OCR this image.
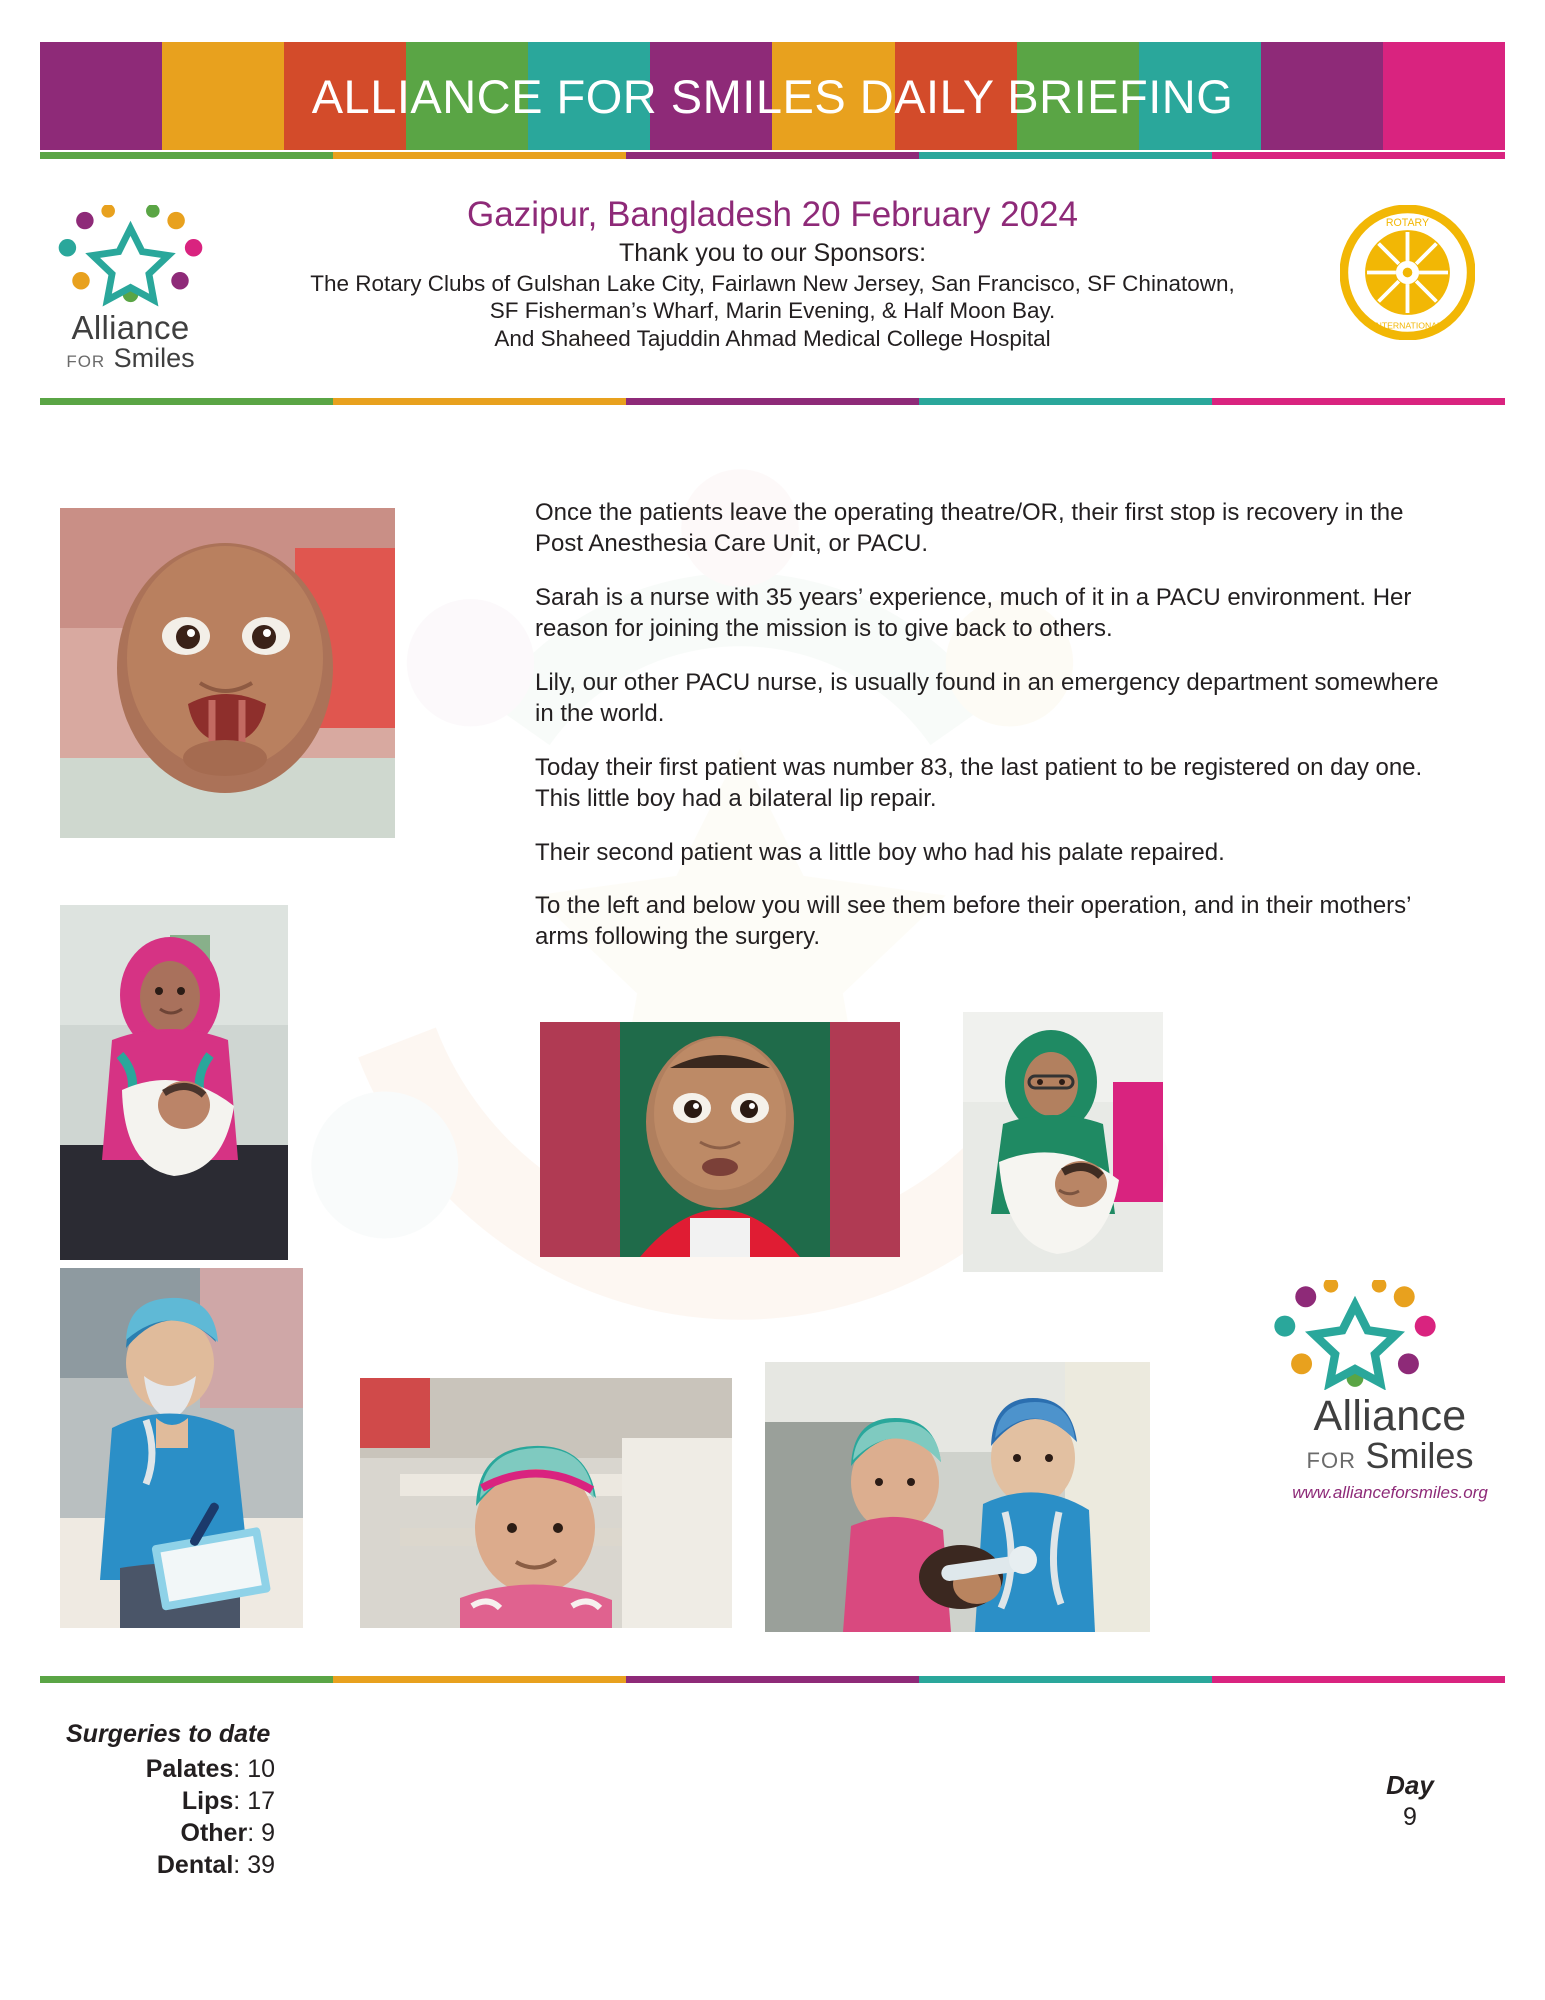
ALLIANCE FOR SMILES DAILY BRIEFING
Alliance
FOR Smiles
ROTARY
INTERNATIONAL
Gazipur, Bangladesh 20 February 2024
Thank you to our Sponsors:
The Rotary Clubs of Gulshan Lake City, Fairlawn New Jersey, San Francisco, SF Chinatown,
SF Fisherman’s Wharf, Marin Evening, & Half Moon Bay.
And Shaheed Tajuddin Ahmad Medical College Hospital

Once the patients leave the operating theatre/OR, their first stop is recovery in the Post Anesthesia Care Unit, or PACU.

Sarah is a nurse with 35 years’ experience, much of it in a PACU environment. Her reason for joining the mission is to give back to others.

Lily, our other PACU nurse, is usually found in an emergency department somewhere in the world.

Today their first patient was number 83, the last patient to be registered on day one. This little boy had a bilateral lip repair.

Their second patient was a little boy who had his palate repaired.

To the left and below you will see them before their operation, and in their mothers’ arms following the surgery.

Alliance
FOR Smiles
www.allianceforsmiles.org
Surgeries to date
Palates: 10
Lips: 17
Other: 9
Dental: 39
Day
9
